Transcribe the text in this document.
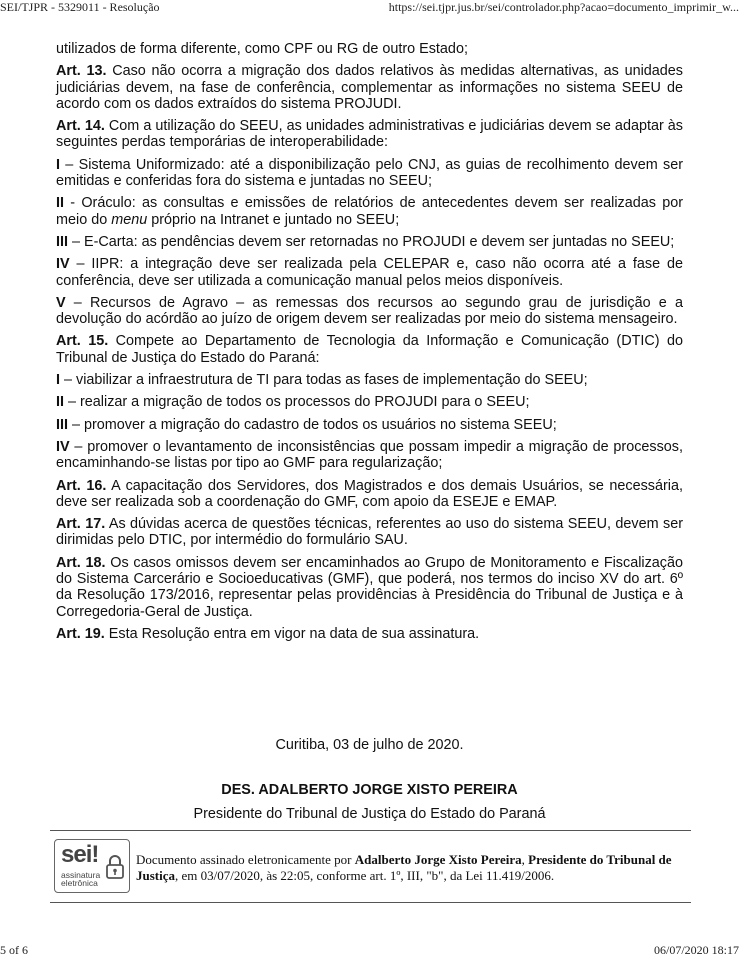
SEI/TJPR - 5329011 - Resolução	https://sei.tjpr.jus.br/sei/controlador.php?acao=documento_imprimir_w...

utilizados de forma diferente, como CPF ou RG de outro Estado;

Art. 13. Caso não ocorra a migração dos dados relativos às medidas alternativas, as unidades judiciárias devem, na fase de conferência, complementar as informações no sistema SEEU de acordo com os dados extraídos do sistema PROJUDI.

Art. 14. Com a utilização do SEEU, as unidades administrativas e judiciárias devem se adaptar às seguintes perdas temporárias de interoperabilidade:

I – Sistema Uniformizado: até a disponibilização pelo CNJ, as guias de recolhimento devem ser emitidas e conferidas fora do sistema e juntadas no SEEU;

II - Oráculo: as consultas e emissões de relatórios de antecedentes devem ser realizadas por meio do menu próprio na Intranet e juntado no SEEU;

III – E-Carta: as pendências devem ser retornadas no PROJUDI e devem ser juntadas no SEEU;

IV – IIPR: a integração deve ser realizada pela CELEPAR e, caso não ocorra até a fase de conferência, deve ser utilizada a comunicação manual pelos meios disponíveis.

V – Recursos de Agravo – as remessas dos recursos ao segundo grau de jurisdição e a devolução do acórdão ao juízo de origem devem ser realizadas por meio do sistema mensageiro.

Art. 15. Compete ao Departamento de Tecnologia da Informação e Comunicação (DTIC) do Tribunal de Justiça do Estado do Paraná:

I – viabilizar a infraestrutura de TI para todas as fases de implementação do SEEU;

II – realizar a migração de todos os processos do PROJUDI para o SEEU;

III – promover a migração do cadastro de todos os usuários no sistema SEEU;

IV – promover o levantamento de inconsistências que possam impedir a migração de processos, encaminhando-se listas por tipo ao GMF para regularização;

Art. 16. A capacitação dos Servidores, dos Magistrados e dos demais Usuários, se necessária, deve ser realizada sob a coordenação do GMF, com apoio da ESEJE e EMAP.

Art. 17. As dúvidas acerca de questões técnicas, referentes ao uso do sistema SEEU, devem ser dirimidas pelo DTIC, por intermédio do formulário SAU.

Art. 18. Os casos omissos devem ser encaminhados ao Grupo de Monitoramento e Fiscalização do Sistema Carcerário e Socioeducativas (GMF), que poderá, nos termos do inciso XV do art. 6º da Resolução 173/2016, representar pelas providências à Presidência do Tribunal de Justiça e à Corregedoria-Geral de Justiça.

Art. 19. Esta Resolução entra em vigor na data de sua assinatura.

Curitiba, 03 de julho de 2020.
DES. ADALBERTO JORGE XISTO PEREIRA
Presidente do Tribunal de Justiça do Estado do Paraná
sei!
assinatura
eletrônica
Documento assinado eletronicamente por Adalberto Jorge Xisto Pereira, Presidente do Tribunal de Justiça, em 03/07/2020, às 22:05, conforme art. 1º, III, "b", da Lei 11.419/2006.
5 of 6	06/07/2020 18:17
